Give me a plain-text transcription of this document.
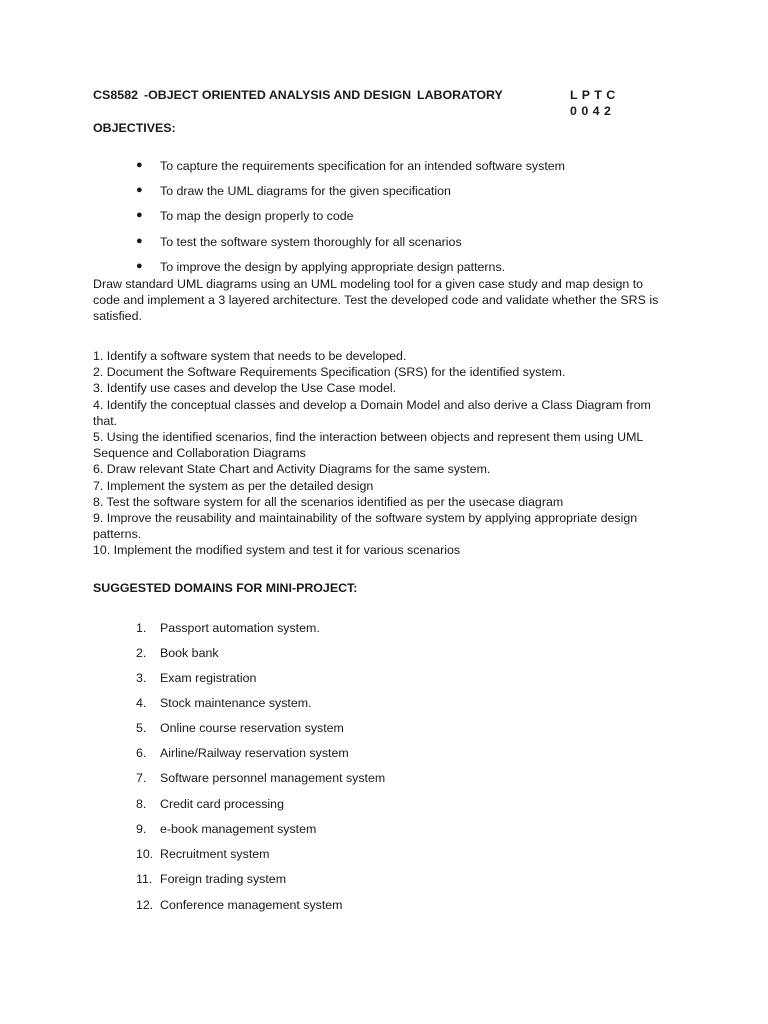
CS8582 -OBJECT ORIENTED ANALYSIS AND DESIGN LABORATORY	L P T C
0 0 4 2
OBJECTIVES:
● To capture the requirements specification for an intended software system
● To draw the UML diagrams for the given specification
● To map the design properly to code
● To test the software system thoroughly for all scenarios
● To improve the design by applying appropriate design patterns.
Draw standard UML diagrams using an UML modeling tool for a given case study and map design to code and implement a 3 layered architecture. Test the developed code and validate whether the SRS is satisfied.
1. Identify a software system that needs to be developed.
2. Document the Software Requirements Specification (SRS) for the identified system.
3. Identify use cases and develop the Use Case model.
4. Identify the conceptual classes and develop a Domain Model and also derive a Class Diagram from that.
5. Using the identified scenarios, find the interaction between objects and represent them using UML Sequence and Collaboration Diagrams
6. Draw relevant State Chart and Activity Diagrams for the same system.
7. Implement the system as per the detailed design
8. Test the software system for all the scenarios identified as per the usecase diagram
9. Improve the reusability and maintainability of the software system by applying appropriate design patterns.
10. Implement the modified system and test it for various scenarios
SUGGESTED DOMAINS FOR MINI-PROJECT:
1. Passport automation system.
2. Book bank
3. Exam registration
4. Stock maintenance system.
5. Online course reservation system
6. Airline/Railway reservation system
7. Software personnel management system
8. Credit card processing
9. e-book management system
10. Recruitment system
11. Foreign trading system
12. Conference management system
